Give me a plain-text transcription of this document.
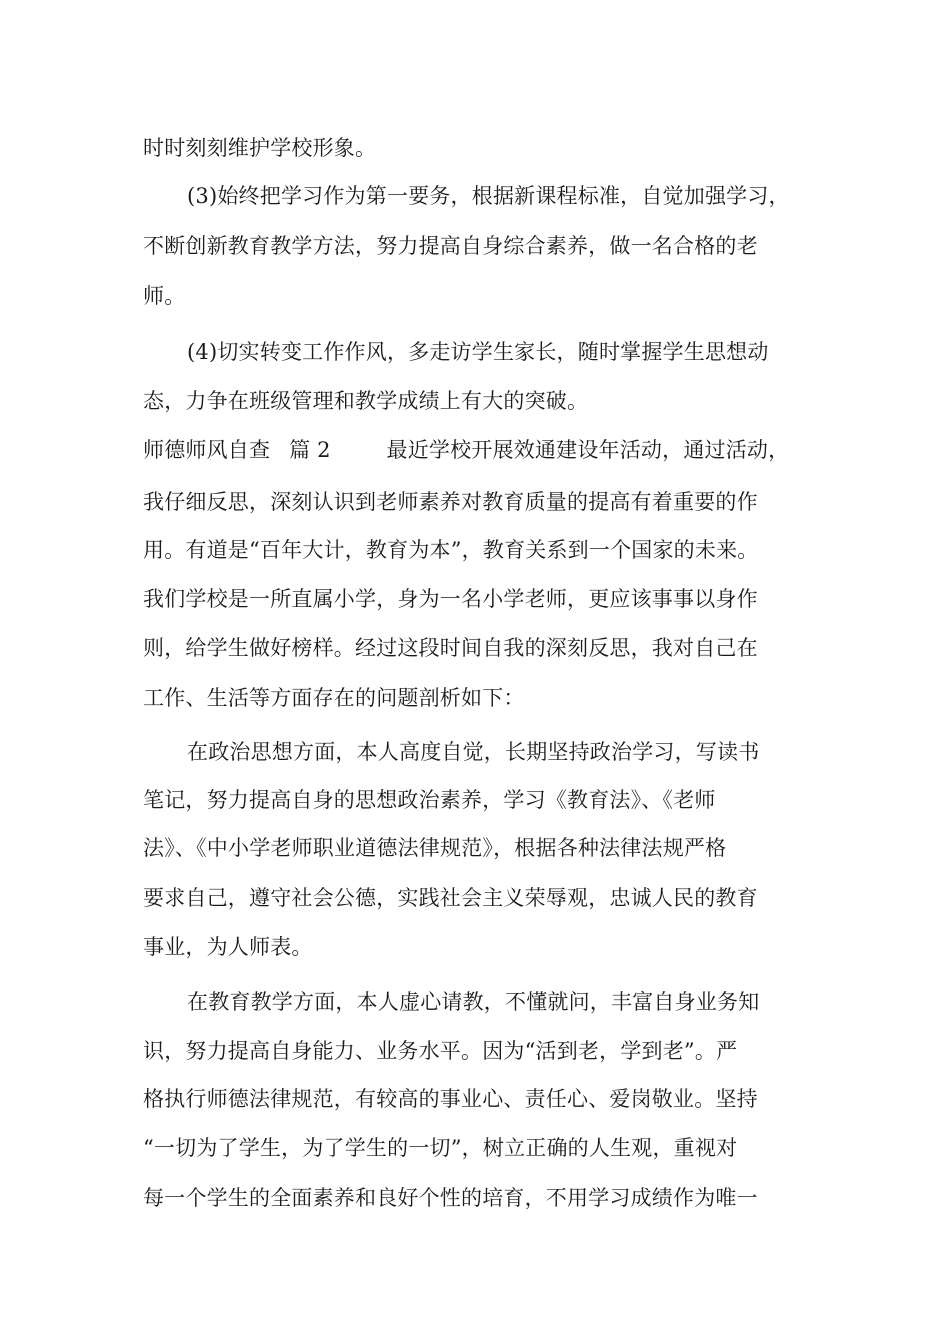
时时刻刻维护学校形象。
(3)始终把学习作为第一要务，根据新课程标准，自觉加强学习，
不断创新教育教学方法，努力提高自身综合素养，做一名合格的老
师。
(4)切实转变工作作风，多走访学生家长，随时掌握学生思想动
态，力争在班级管理和教学成绩上有大的突破。
师德师风自查 篇 2	最近学校开展效通建设年活动，通过活动，
我仔细反思，深刻认识到老师素养对教育质量的提高有着重要的作
用。有道是“百年大计，教育为本”，教育关系到一个国家的未来。
我们学校是一所直属小学，身为一名小学老师，更应该事事以身作
则，给学生做好榜样。经过这段时间自我的深刻反思，我对自己在
工作、生活等方面存在的问题剖析如下：
在政治思想方面，本人高度自觉，长期坚持政治学习，写读书
笔记，努力提高自身的思想政治素养，学习《教育法》、《老师
法》、《中小学老师职业道德法律规范》，根据各种法律法规严格
要求自己，遵守社会公德，实践社会主义荣辱观，忠诚人民的教育
事业，为人师表。
在教育教学方面，本人虚心请教，不懂就问，丰富自身业务知
识，努力提高自身能力、业务水平。因为“活到老，学到老”。严
格执行师德法律规范，有较高的事业心、责任心、爱岗敬业。坚持
“一切为了学生，为了学生的一切”，树立正确的人生观，重视对
每一个学生的全面素养和良好个性的培育，不用学习成绩作为唯一
